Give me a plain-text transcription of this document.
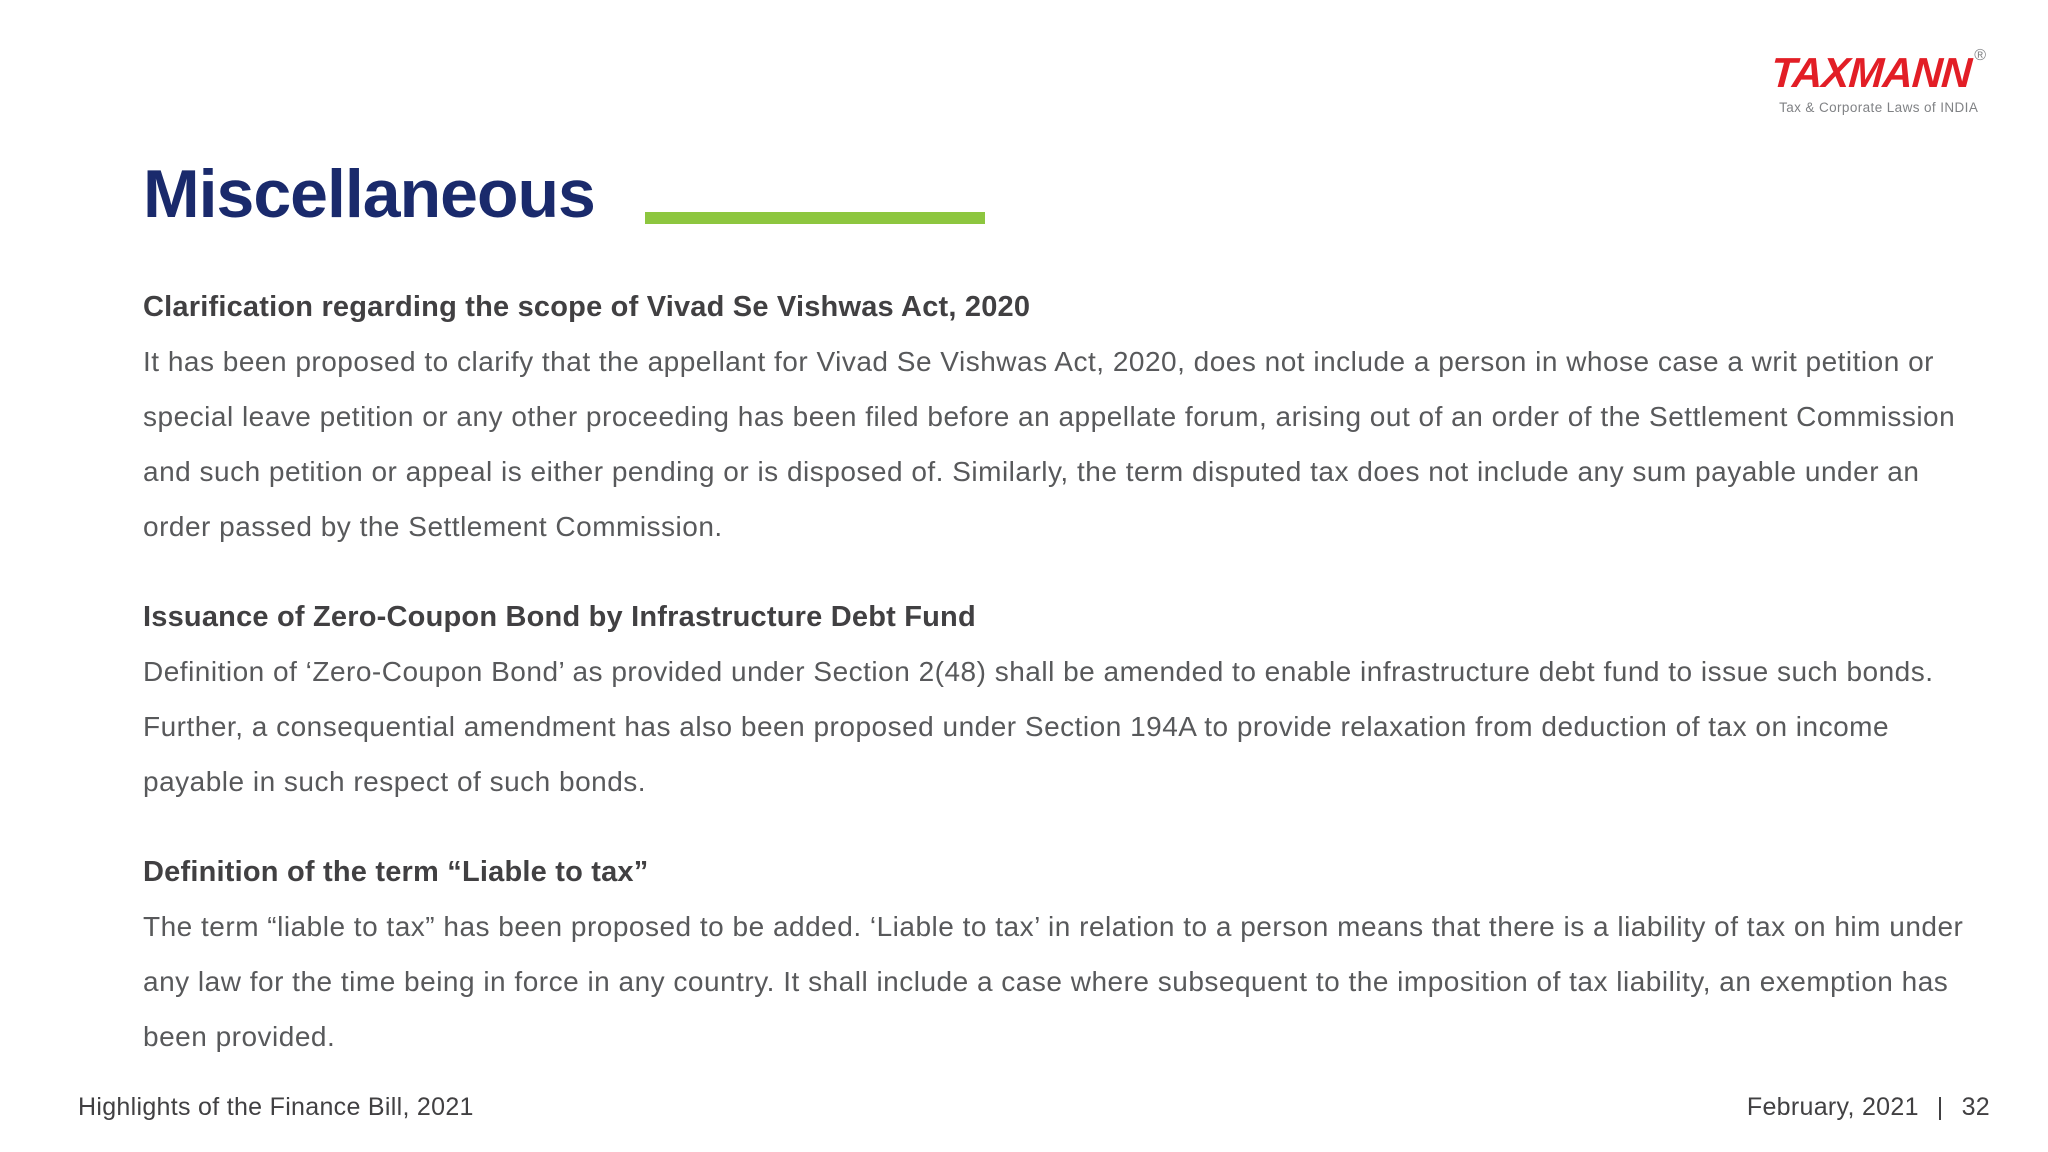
TAXMANN ®
Tax & Corporate Laws of INDIA
Miscellaneous
Clarification regarding the scope of Vivad Se Vishwas Act, 2020

It has been proposed to clarify that the appellant for Vivad Se Vishwas Act, 2020, does not include a person in whose case a writ petition or special leave petition or any other proceeding has been filed before an appellate forum, arising out of an order of the Settlement Commission and such petition or appeal is either pending or is disposed of. Similarly, the term disputed tax does not include any sum payable under an order passed by the Settlement Commission.

Issuance of Zero-Coupon Bond by Infrastructure Debt Fund

Definition of ‘Zero-Coupon Bond’ as provided under Section 2(48) shall be amended to enable infrastructure debt fund to issue such bonds. Further, a consequential amendment has also been proposed under Section 194A to provide relaxation from deduction of tax on income payable in such respect of such bonds.

Definition of the term “Liable to tax”

The term “liable to tax” has been proposed to be added. ‘Liable to tax’ in relation to a person means that there is a liability of tax on him under any law for the time being in force in any country. It shall include a case where subsequent to the imposition of tax liability, an exemption has been provided.

Highlights of the Finance Bill, 2021	February, 2021 | 32
